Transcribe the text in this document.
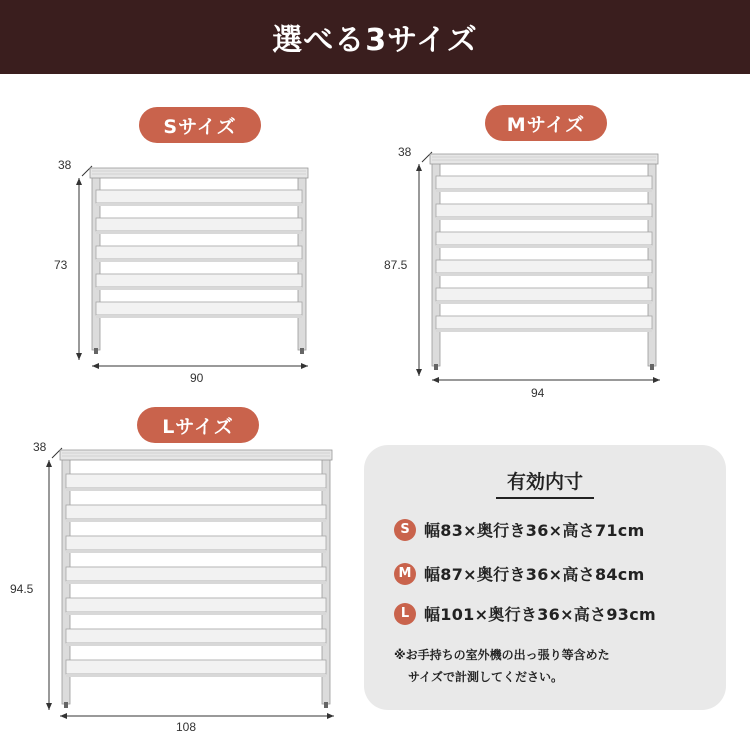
選べる3サイズ
Sサイズ
38
73
90
Mサイズ
38
87.5
94
Lサイズ
38
94.5
108
有効内寸
S 幅83×奥行き36×高さ71cm
M 幅87×奥行き36×高さ84cm
L 幅101×奥行き36×高さ93cm
※お手持ちの室外機の出っ張り等含めた
サイズで計測してください。
